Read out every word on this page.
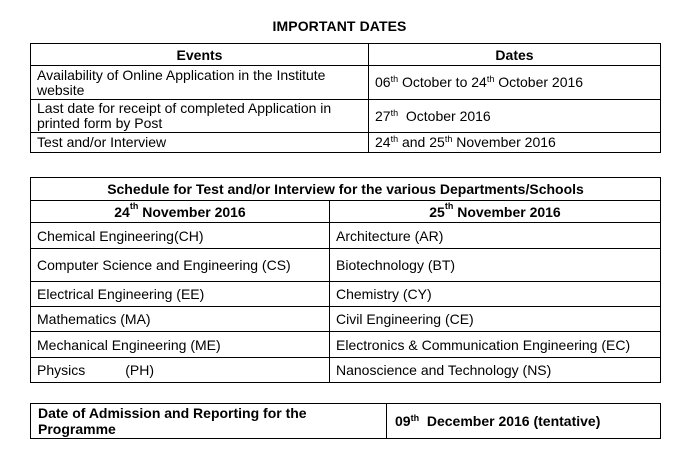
IMPORTANT DATES
Events	Dates
Availability of Online Application in the Institute website	06th October to 24th October 2016
Last date for receipt of completed Application in printed form by Post	27th  October 2016
Test and/or Interview	24th and 25th November 2016
Schedule for Test and/or Interview for the various Departments/Schools	
24th November 2016	25th November 2016
Chemical Engineering(CH)	Architecture (AR)
Computer Science and Engineering (CS)	Biotechnology (BT)
Electrical Engineering (EE)	Chemistry (CY)
Mathematics (MA)	Civil Engineering (CE)
Mechanical Engineering (ME)	Electronics & Communication Engineering (EC)
Physics (PH)	Nanoscience and Technology (NS)
Date of Admission and Reporting for the Programme	09th  December 2016 (tentative)
